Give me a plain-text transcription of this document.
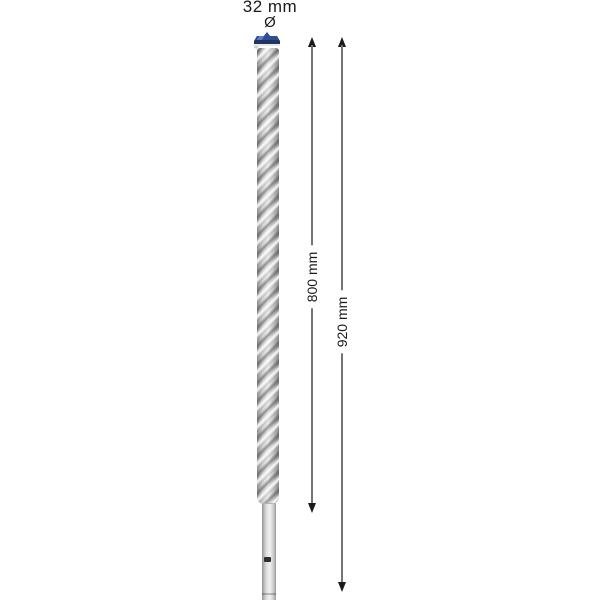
32 mm
Ø
800 mm
920 mm
